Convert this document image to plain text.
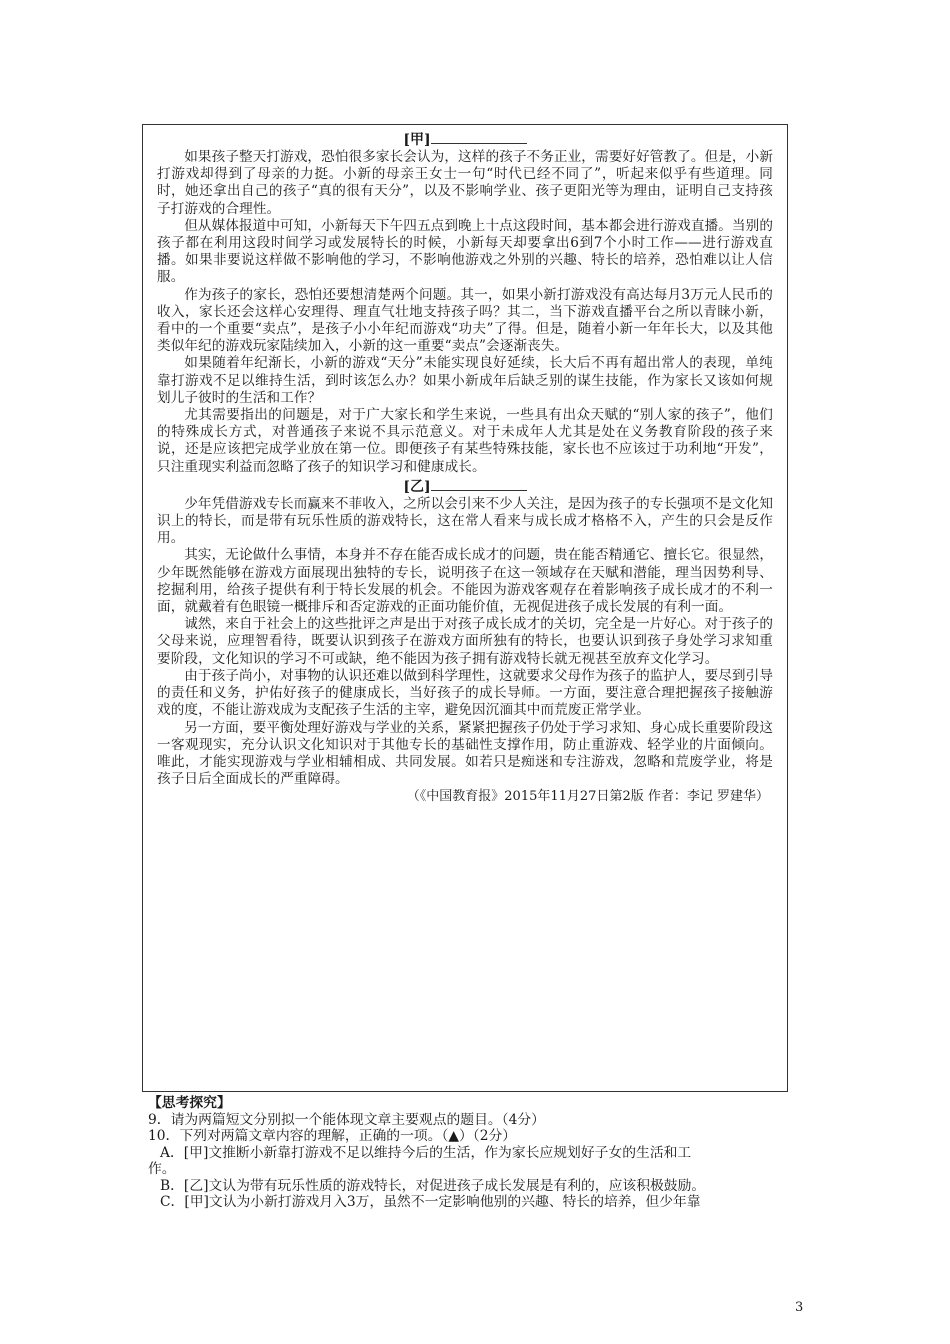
[甲]

如果孩子整天打游戏，恐怕很多家长会认为，这样的孩子不务正业，需要好好管教了。但是，小新打游戏却得到了母亲的力挺。小新的母亲王女士一句“时代已经不同了”，听起来似乎有些道理。同时，她还拿出自己的孩子“真的很有天分”，以及不影响学业、孩子更阳光等为理由，证明自己支持孩子打游戏的合理性。

但从媒体报道中可知，小新每天下午四五点到晚上十点这段时间，基本都会进行游戏直播。当别的孩子都在利用这段时间学习或发展特长的时候，小新每天却要拿出6到7个小时工作——进行游戏直播。如果非要说这样做不影响他的学习，不影响他游戏之外别的兴趣、特长的培养，恐怕难以让人信服。

作为孩子的家长，恐怕还要想清楚两个问题。其一，如果小新打游戏没有高达每月3万元人民币的收入，家长还会这样心安理得、理直气壮地支持孩子吗？其二，当下游戏直播平台之所以青睐小新，看中的一个重要“卖点”，是孩子小小年纪而游戏“功夫”了得。但是，随着小新一年年长大，以及其他类似年纪的游戏玩家陆续加入，小新的这一重要“卖点”会逐渐丧失。

如果随着年纪渐长，小新的游戏“天分”未能实现良好延续，长大后不再有超出常人的表现，单纯靠打游戏不足以维持生活，到时该怎么办？如果小新成年后缺乏别的谋生技能，作为家长又该如何规划儿子彼时的生活和工作？

尤其需要指出的问题是，对于广大家长和学生来说，一些具有出众天赋的“别人家的孩子”，他们的特殊成长方式，对普通孩子来说不具示范意义。对于未成年人尤其是处在义务教育阶段的孩子来说，还是应该把完成学业放在第一位。即便孩子有某些特殊技能，家长也不应该过于功利地“开发”，只注重现实利益而忽略了孩子的知识学习和健康成长。

[乙]

少年凭借游戏专长而赢来不菲收入，之所以会引来不少人关注，是因为孩子的专长强项不是文化知识上的特长，而是带有玩乐性质的游戏特长，这在常人看来与成长成才格格不入，产生的只会是反作用。

其实，无论做什么事情，本身并不存在能否成长成才的问题，贵在能否精通它、擅长它。很显然，少年既然能够在游戏方面展现出独特的专长，说明孩子在这一领域存在天赋和潜能，理当因势利导、挖掘利用，给孩子提供有利于特长发展的机会。不能因为游戏客观存在着影响孩子成长成才的不利一面，就戴着有色眼镜一概排斥和否定游戏的正面功能价值，无视促进孩子成长发展的有利一面。

诚然，来自于社会上的这些批评之声是出于对孩子成长成才的关切，完全是一片好心。对于孩子的父母来说，应理智看待，既要认识到孩子在游戏方面所独有的特长，也要认识到孩子身处学习求知重要阶段，文化知识的学习不可或缺，绝不能因为孩子拥有游戏特长就无视甚至放弃文化学习。

由于孩子尚小，对事物的认识还难以做到科学理性，这就要求父母作为孩子的监护人，要尽到引导的责任和义务，护佑好孩子的健康成长，当好孩子的成长导师。一方面，要注意合理把握孩子接触游戏的度，不能让游戏成为支配孩子生活的主宰，避免因沉湎其中而荒废正常学业。

另一方面，要平衡处理好游戏与学业的关系，紧紧把握孩子仍处于学习求知、身心成长重要阶段这一客观现实，充分认识文化知识对于其他专长的基础性支撑作用，防止重游戏、轻学业的片面倾向。唯此，才能实现游戏与学业相辅相成、共同发展。如若只是痴迷和专注游戏，忽略和荒废学业，将是孩子日后全面成长的严重障碍。

（《中国教育报》2015年11月27日第2版 作者：李记 罗建华）

【思考探究】

9．请为两篇短文分别拟一个能体现文章主要观点的题目。（4分）

10．下列对两篇文章内容的理解，正确的一项。（▲）（2分）

A．[甲]文推断小新靠打游戏不足以维持今后的生活，作为家长应规划好子女的生活和工

作。

B．[乙]文认为带有玩乐性质的游戏特长，对促进孩子成长发展是有利的，应该积极鼓励。

C．[甲]文认为小新打游戏月入3万，虽然不一定影响他别的兴趣、特长的培养，但少年靠

3
